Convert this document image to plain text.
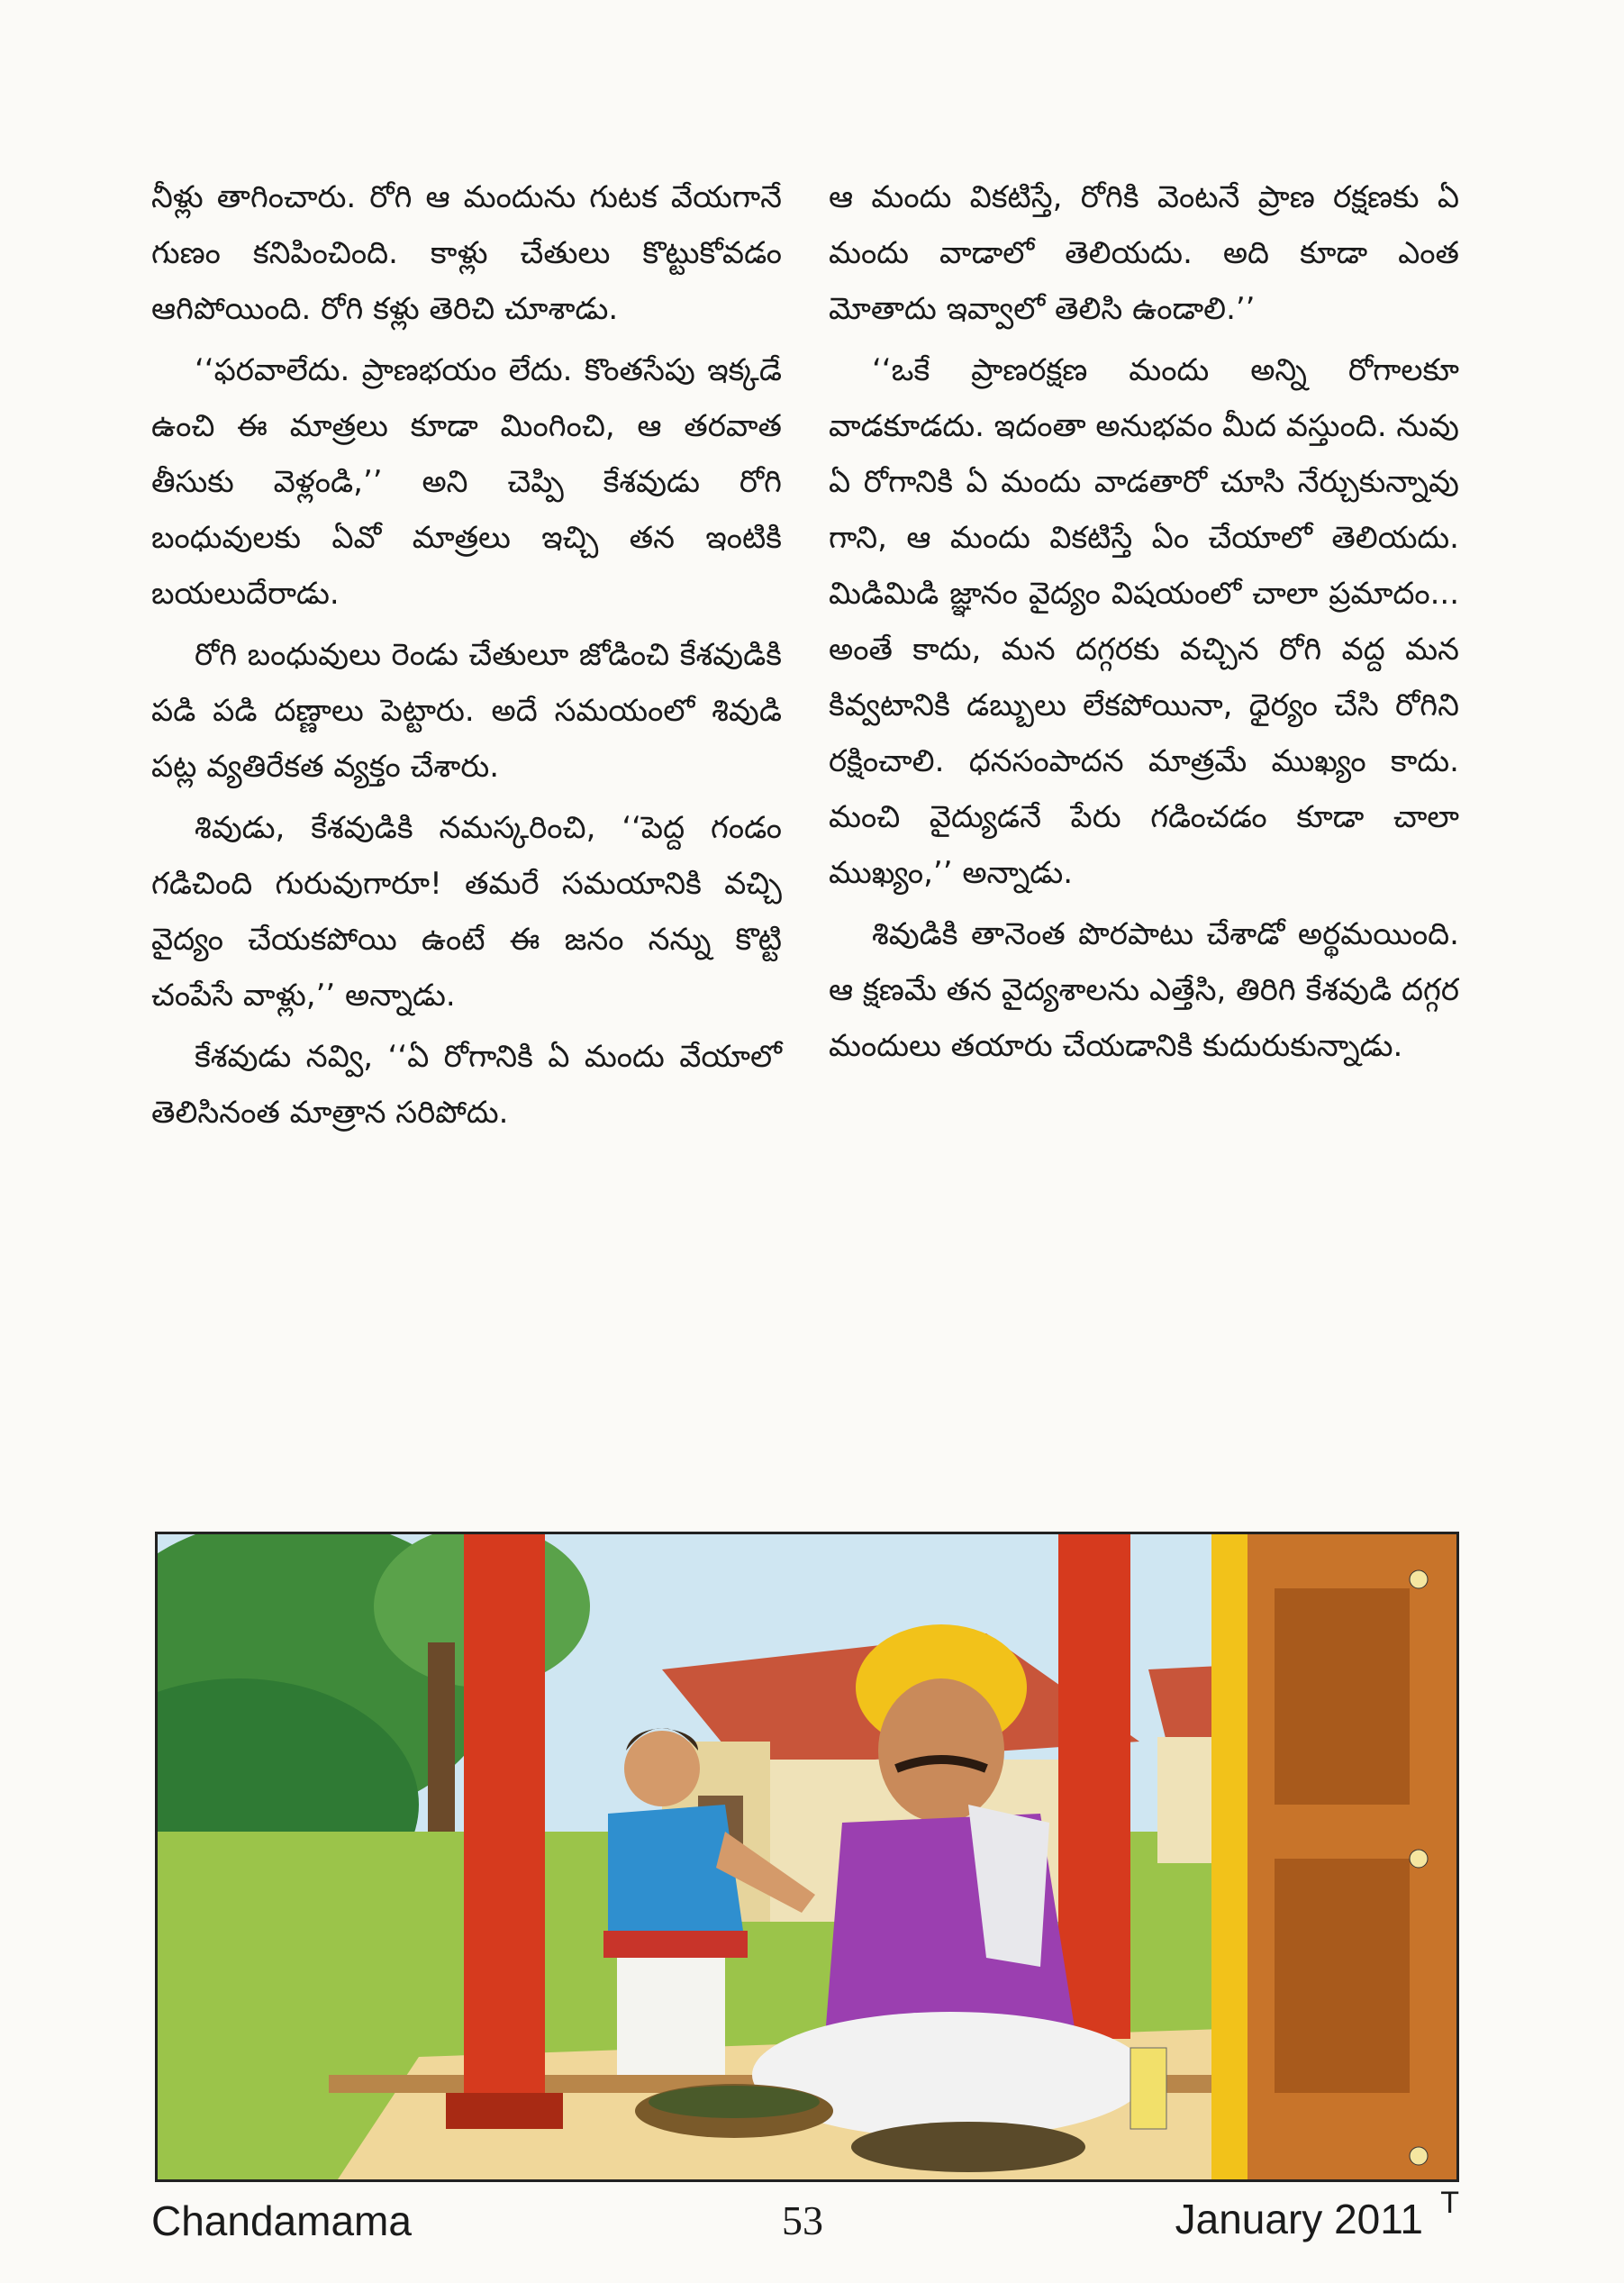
నీళ్లు తాగించారు. రోగి ఆ మందును గుటక వేయగానే గుణం కనిపించింది. కాళ్లు చేతులు కొట్టుకోవడం ఆగిపోయింది. రోగి కళ్లు తెరిచి చూశాడు.

‘‘ఫరవాలేదు. ప్రాణభయం లేదు. కొంతసేపు ఇక్కడే ఉంచి ఈ మాత్రలు కూడా మింగించి, ఆ తరవాత తీసుకు వెళ్లండి,’’ అని చెప్పి కేశవుడు రోగి బంధువులకు ఏవో మాత్రలు ఇచ్చి తన ఇంటికి బయలుదేరాడు.

రోగి బంధువులు రెండు చేతులూ జోడించి కేశవుడికి పడి పడి దణ్ణాలు పెట్టారు. అదే సమయంలో శివుడి పట్ల వ్యతిరేకత వ్యక్తం చేశారు.

శివుడు, కేశవుడికి నమస్కరించి, ‘‘పెద్ద గండం గడిచింది గురువుగారూ! తమరే సమయానికి వచ్చి వైద్యం చేయకపోయి ఉంటే ఈ జనం నన్ను కొట్టి చంపేసే వాళ్లు,’’ అన్నాడు.

కేశవుడు నవ్వి, ‘‘ఏ రోగానికి ఏ మందు వేయాలో తెలిసినంత మాత్రాన సరిపోదు.

ఆ మందు వికటిస్తే, రోగికి వెంటనే ప్రాణ రక్షణకు ఏ మందు వాడాలో తెలియదు. అది కూడా ఎంత మోతాదు ఇవ్వాలో తెలిసి ఉండాలి.’’

‘‘ఒకే ప్రాణరక్షణ మందు అన్ని రోగాలకూ వాడకూడదు. ఇదంతా అనుభవం మీద వస్తుంది. నువు ఏ రోగానికి ఏ మందు వాడతారో చూసి నేర్చుకున్నావు గాని, ఆ మందు వికటిస్తే ఏం చేయాలో తెలియదు. మిడిమిడి జ్ఞానం వైద్యం విషయంలో చాలా ప్రమాదం... అంతే కాదు, మన దగ్గరకు వచ్చిన రోగి వద్ద మన కివ్వటానికి డబ్బులు లేకపోయినా, ధైర్యం చేసి రోగిని రక్షించాలి. ధనసంపాదన మాత్రమే ముఖ్యం కాదు. మంచి వైద్యుడనే పేరు గడించడం కూడా చాలా ముఖ్యం,’’ అన్నాడు.

శివుడికి తానెంత పొరపాటు చేశాడో అర్థమయింది. ఆ క్షణమే తన వైద్యశాలను ఎత్తేసి, తిరిగి కేశవుడి దగ్గర మందులు తయారు చేయడానికి కుదురుకున్నాడు.

Chandamama	53	January 2011 T
